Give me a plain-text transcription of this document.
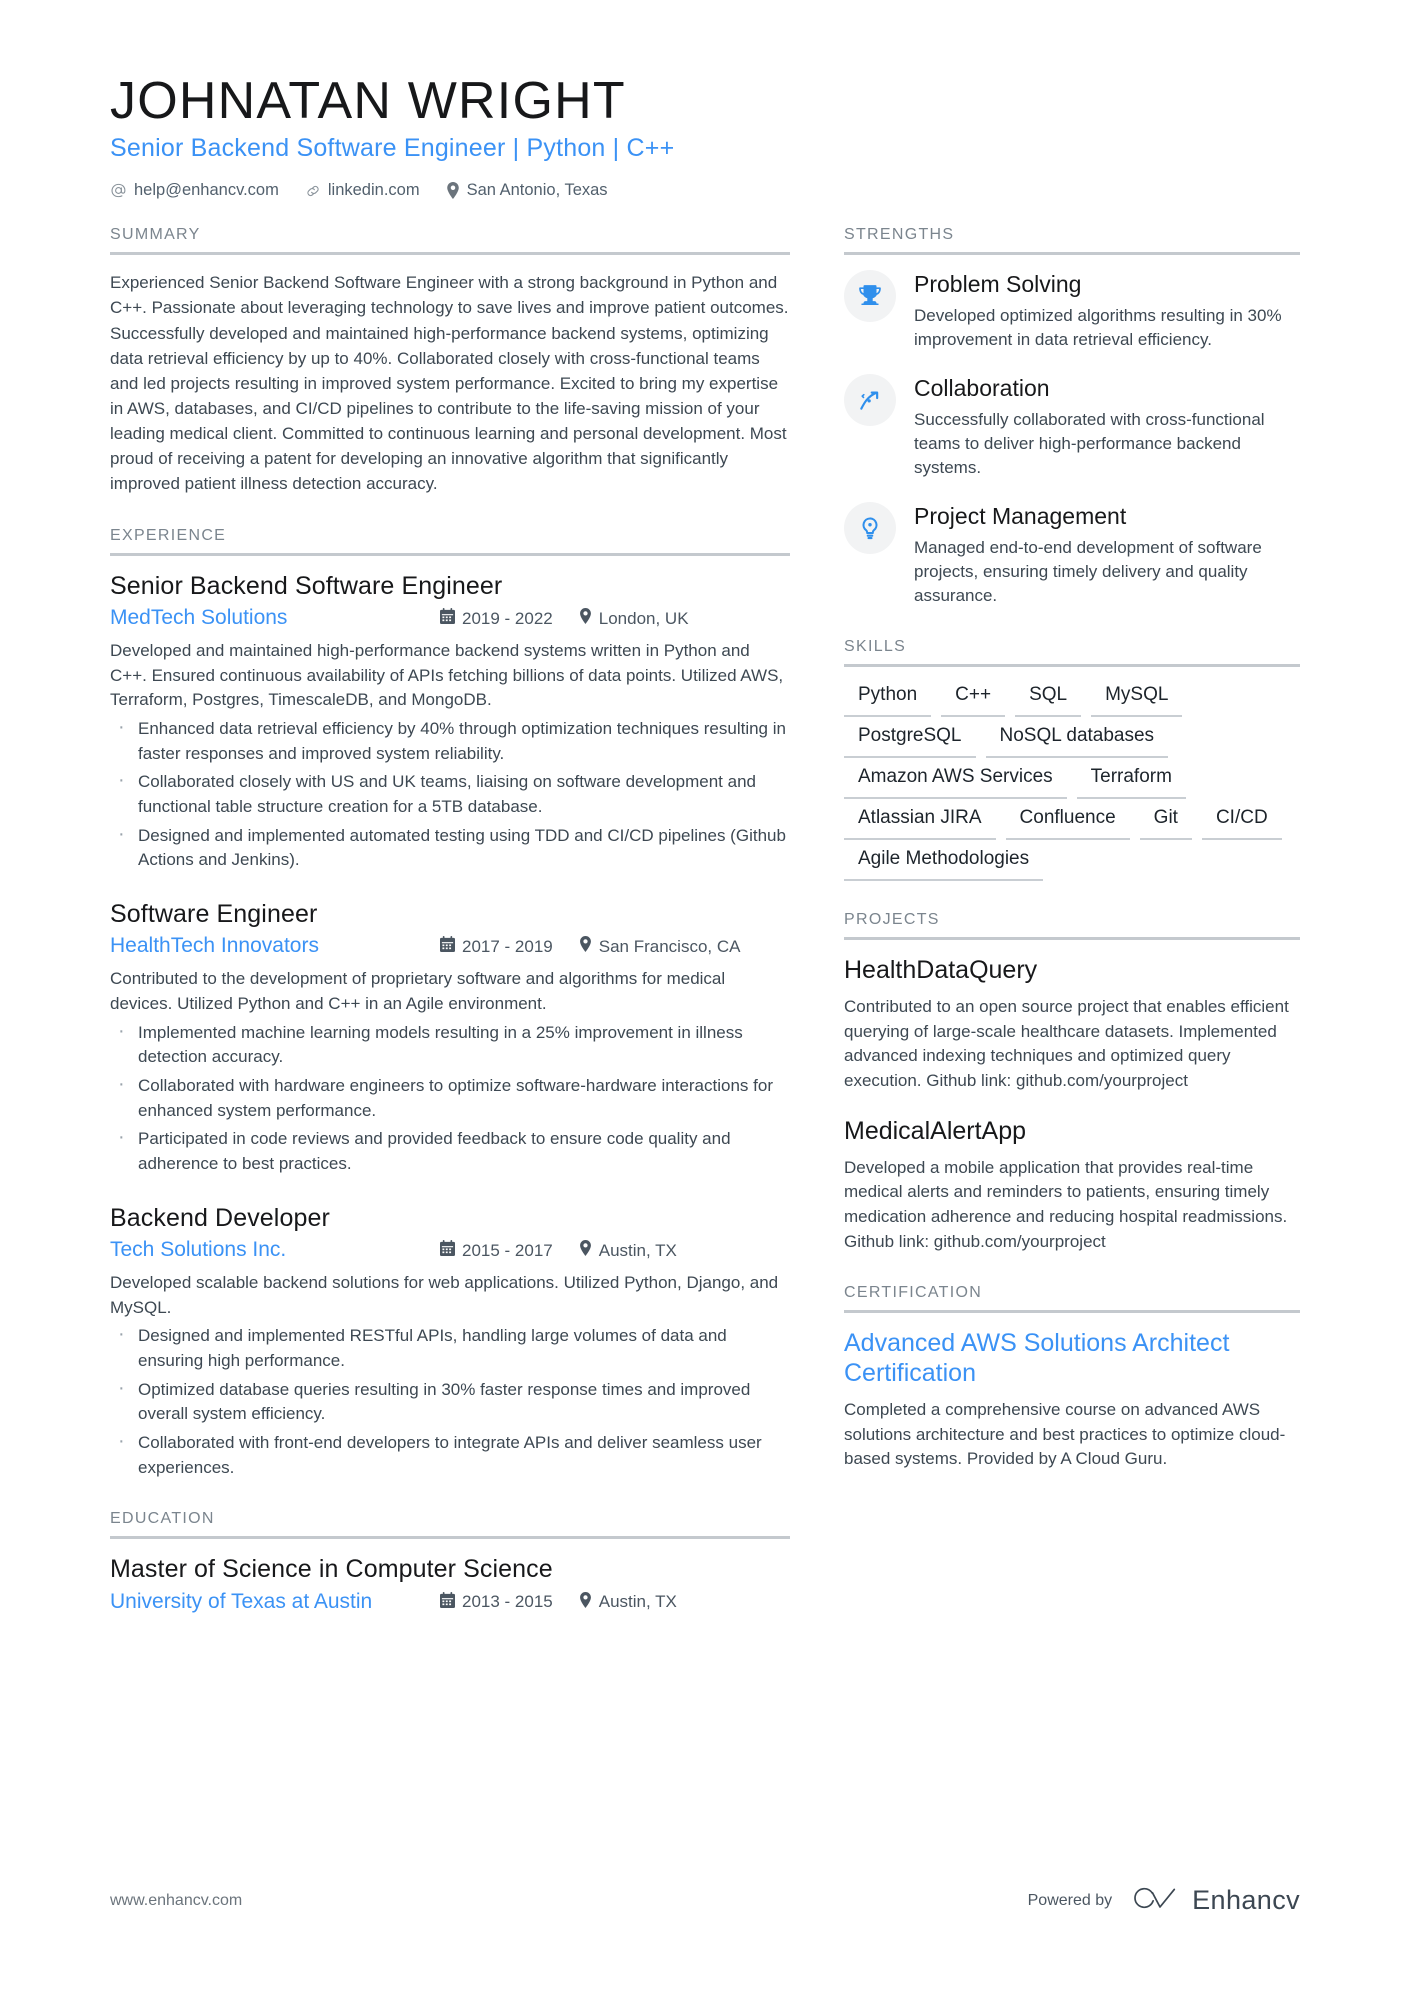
JOHNATAN WRIGHT
Senior Backend Software Engineer | Python | C++
help@enhancv.com	linkedin.com	San Antonio, Texas
SUMMARY

Experienced Senior Backend Software Engineer with a strong background in Python and C++. Passionate about leveraging technology to save lives and improve patient outcomes. Successfully developed and maintained high-performance backend systems, optimizing data retrieval efficiency by up to 40%. Collaborated closely with cross-functional teams and led projects resulting in improved system performance. Excited to bring my expertise in AWS, databases, and CI/CD pipelines to contribute to the life-saving mission of your leading medical client. Committed to continuous learning and personal development. Most proud of receiving a patent for developing an innovative algorithm that significantly improved patient illness detection accuracy.

EXPERIENCE
Senior Backend Software Engineer
MedTech Solutions	2019 - 2022	London, UK
Developed and maintained high-performance backend systems written in Python and C++. Ensured continuous availability of APIs fetching billions of data points. Utilized AWS, Terraform, Postgres, TimescaleDB, and MongoDB.
· Enhanced data retrieval efficiency by 40% through optimization techniques resulting in faster responses and improved system reliability.
· Collaborated closely with US and UK teams, liaising on software development and functional table structure creation for a 5TB database.
· Designed and implemented automated testing using TDD and CI/CD pipelines (Github Actions and Jenkins).
Software Engineer
HealthTech Innovators	2017 - 2019	San Francisco, CA
Contributed to the development of proprietary software and algorithms for medical devices. Utilized Python and C++ in an Agile environment.
· Implemented machine learning models resulting in a 25% improvement in illness detection accuracy.
· Collaborated with hardware engineers to optimize software-hardware interactions for enhanced system performance.
· Participated in code reviews and provided feedback to ensure code quality and adherence to best practices.
Backend Developer
Tech Solutions Inc.	2015 - 2017	Austin, TX
Developed scalable backend solutions for web applications. Utilized Python, Django, and MySQL.
· Designed and implemented RESTful APIs, handling large volumes of data and ensuring high performance.
· Optimized database queries resulting in 30% faster response times and improved overall system efficiency.
· Collaborated with front-end developers to integrate APIs and deliver seamless user experiences.
EDUCATION
Master of Science in Computer Science
University of Texas at Austin	2013 - 2015	Austin, TX
STRENGTHS
Problem Solving
Developed optimized algorithms resulting in 30% improvement in data retrieval efficiency.
Collaboration
Successfully collaborated with cross-functional teams to deliver high-performance backend systems.
Project Management
Managed end-to-end development of software projects, ensuring timely delivery and quality assurance.
SKILLS
Python	C++	SQL	MySQL
PostgreSQL	NoSQL databases
Amazon AWS Services	Terraform
Atlassian JIRA	Confluence	Git	CI/CD
Agile Methodologies
PROJECTS
HealthDataQuery
Contributed to an open source project that enables efficient querying of large-scale healthcare datasets. Implemented advanced indexing techniques and optimized query execution. Github link: github.com/yourproject
MedicalAlertApp
Developed a mobile application that provides real-time medical alerts and reminders to patients, ensuring timely medication adherence and reducing hospital readmissions. Github link: github.com/yourproject
CERTIFICATION
Advanced AWS Solutions Architect Certification
Completed a comprehensive course on advanced AWS solutions architecture and best practices to optimize cloud-based systems. Provided by A Cloud Guru.
www.enhancv.com	Powered by	Enhancv
